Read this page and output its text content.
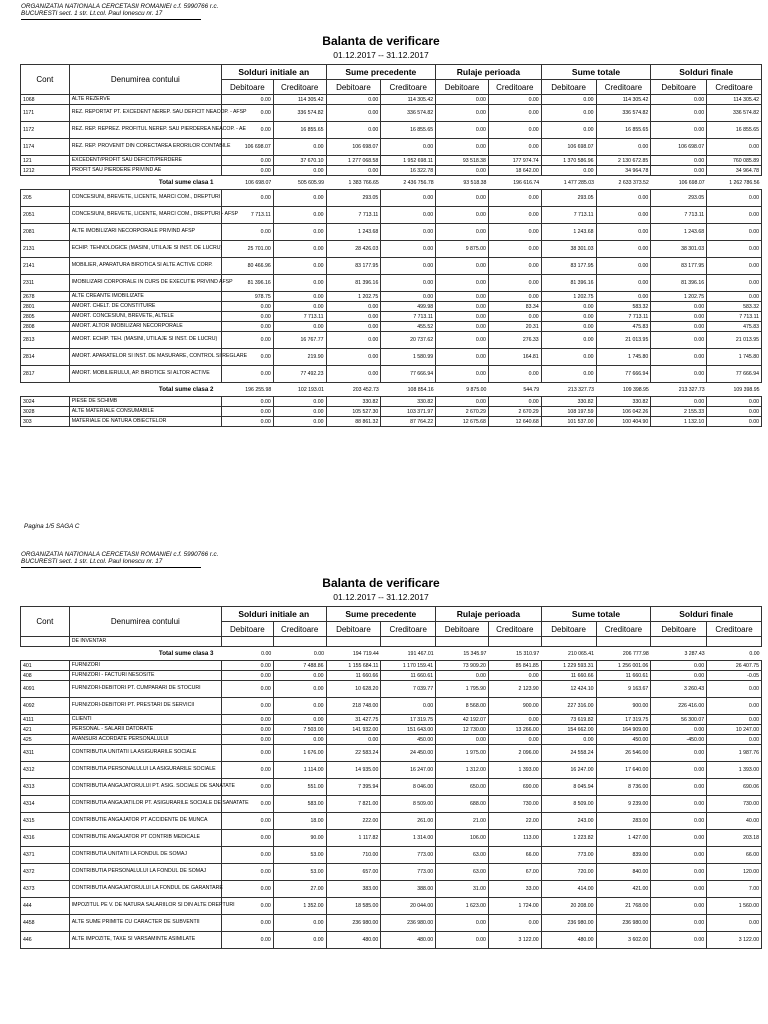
ORGANIZATIA NATIONALA CERCETASII ROMANIEI c.f. 5990766 r.c.
BUCURESTI sect. 1 str. Lt.col. Paul Ionescu nr. 17
Balanta de verificare
01.12.2017 -- 31.12.2017
Cont	Denumirea contului	Solduri initiale an		Sume precedente		Rulaje perioada		Sume totale		Solduri finale	
		Debitoare	Creditoare	Debitoare	Creditoare	Debitoare	Creditoare	Debitoare	Creditoare	Debitoare	Creditoare
1068	ALTE REZERVE	0.00	114 305.42	0.00	114 305.42	0.00	0.00	0.00	114 305.42	0.00	114 305.42
1171	REZ. REPORTAT PT. EXCEDENT NEREP. SAU DEFICIT NEACOP. - AFSP	0.00	336 574.82	0.00	336 574.82	0.00	0.00	0.00	336 574.82	0.00	336 574.82
1172	REZ. REP. REPREZ. PROFITUL NEREP. SAU PIERDEREA NEACOP. - AE	0.00	16 855.65	0.00	16 855.65	0.00	0.00	0.00	16 855.65	0.00	16 855.65
1174	REZ. REP. PROVENIT DIN CORECTAREA ERORILOR CONTABILE	106 698.07	0.00	106 698.07	0.00	0.00	0.00	106 698.07	0.00	106 698.07	0.00
121	EXCEDENT/PROFIT SAU DEFICIT/PIERDERE	0.00	37 670.10	1 277 068.58	1 952 698.11	93 518.38	177 974.74	1 370 586.96	2 130 672.85	0.00	760 085.89
1212	PROFIT SAU PIERDERE PRIVIND AE	0.00	0.00	0.00	16 322.78	0.00	18 642.00	0.00	34 964.78	0.00	34 964.78
Total sume clasa 1		106 698.07	505 605.99	1 383 766.65	2 436 756.78	93 518.38	196 616.74	1 477 285.03	2 633 373.52	106 698.07	1 262 786.56
205	CONCESIUNI, BREVETE, LICENTE, MARCI COM., DREPTURI	0.00	0.00	293.05	0.00	0.00	0.00	293.05	0.00	293.05	0.00
2051	CONCESIUNI, BREVETE, LICENTE, MARCI COM., DREPTURI - AFSP	7 713.11	0.00	7 713.11	0.00	0.00	0.00	7 713.11	0.00	7 713.11	0.00
2081	ALTE IMOBILIZARI NECORPORALE PRIVIND AFSP	0.00	0.00	1 243.68	0.00	0.00	0.00	1 243.68	0.00	1 243.68	0.00
2131	ECHIP. TEHNOLOGICE (MASINI, UTILAJE SI INST. DE LUCRU)	25 701.00	0.00	28 426.03	0.00	9 875.00	0.00	38 301.03	0.00	38 301.03	0.00
2141	MOBILIER, APARATURA BIROTICA SI ALTE ACTIVE CORP.	80 466.96	0.00	83 177.95	0.00	0.00	0.00	83 177.95	0.00	83 177.95	0.00
2311	IMOBILIZARI CORPORALE IN CURS DE EXECUTIE PRIVIND AFSP	81 396.16	0.00	81 396.16	0.00	0.00	0.00	81 396.16	0.00	81 396.16	0.00
2678	ALTE CREANTE IMOBILIZATE	978.75	0.00	1 202.75	0.00	0.00	0.00	1 202.75	0.00	1 202.75	0.00
2801	AMORT. CHELT. DE CONSTITUIRE	0.00	0.00	0.00	499.98	0.00	83.34	0.00	583.32	0.00	583.32
2805	AMORT. CONCESIUNI, BREVETE, ALTELE	0.00	7 713.11	0.00	7 713.11	0.00	0.00	0.00	7 713.11	0.00	7 713.11
2808	AMORT. ALTOR IMOBILIZARI NECORPORALE	0.00	0.00	0.00	455.52	0.00	20.31	0.00	475.83	0.00	475.83
2813	AMORT. ECHIP. TEH. (MASINI, UTILAJE SI INST. DE LUCRU)	0.00	16 767.77	0.00	20 737.62	0.00	276.33	0.00	21 013.95	0.00	21 013.95
2814	AMORT. APARATELOR SI INST. DE MASURARE, CONTROL SI REGLARE	0.00	219.90	0.00	1 580.99	0.00	164.81	0.00	1 745.80	0.00	1 745.80
2817	AMORT. MOBILIERULUI, AP. BIROTICE SI ALTOR ACTIVE	0.00	77 492.23	0.00	77 666.94	0.00	0.00	0.00	77 666.94	0.00	77 666.94
Total sume clasa 2		196 255.98	102 193.01	203 452.73	108 854.16	9 875.00	544.79	213 327.73	109 398.95	213 327.73	109 398.95
3024	PIESE DE SCHIMB	0.00	0.00	330.82	330.82	0.00	0.00	330.82	330.82	0.00	0.00
3028	ALTE MATERIALE CONSUMABILE	0.00	0.00	105 527.30	103 371.97	2 670.29	2 670.29	108 197.59	106 042.26	2 155.33	0.00
303	MATERIALE DE NATURA OBIECTELOR	0.00	0.00	88 861.32	87 764.22	12 675.68	12 640.68	101 537.00	100 404.90	1 132.10	0.00
Pagina 1/5 SAGA C
ORGANIZATIA NATIONALA CERCETASII ROMANIEI c.f. 5990766 r.c.
BUCURESTI sect. 1 str. Lt.col. Paul Ionescu nr. 17
Balanta de verificare
01.12.2017 -- 31.12.2017
Cont	Denumirea contului	Solduri initiale an		Sume precedente		Rulaje perioada		Sume totale		Solduri finale	
		Debitoare	Creditoare	Debitoare	Creditoare	Debitoare	Creditoare	Debitoare	Creditoare	Debitoare	Creditoare
	DE INVENTAR										
Total sume clasa 3		0.00	0.00	194 719.44	191 467.01	15 345.97	15 310.97	210 065.41	206 777.98	3 287.43	0.00
401	FURNIZORI	0.00	7 488.86	1 155 684.11	1 170 159.41	73 909.20	85 841.85	1 229 593.31	1 256 001.06	0.00	26 407.75
408	FURNIZORI - FACTURI NESOSITE	0.00	0.00	11 660.66	11 660.61	0.00	0.00	11 660.66	11 660.61	0.00	-0.05
4091	FURNIZORI-DEBITORI PT. CUMPARARI DE STOCURI	0.00	0.00	10 628.20	7 039.77	1 795.90	2 123.90	12 424.10	9 163.67	3 260.43	0.00
4092	FURNIZORI-DEBITORI PT. PRESTARI DE SERVICII	0.00	0.00	218 748.00	0.00	8 568.00	900.00	227 316.00	900.00	226 416.00	0.00
4111	CLIENTI	0.00	0.00	31 427.75	17 319.75	42 192.07	0.00	73 619.82	17 319.75	56 300.07	0.00
421	PERSONAL - SALARII DATORATE	0.00	7 503.00	141 932.00	151 643.00	12 730.00	13 266.00	154 662.00	164 909.00	0.00	10 247.00
425	AVANSURI ACORDATE PERSONALULUI	0.00	0.00	0.00	450.00	0.00	0.00	0.00	450.00	-450.00	0.00
4311	CONTRIBUTIA UNITATII LA ASIGURARILE SOCIALE	0.00	1 676.00	22 583.24	24 450.00	1 975.00	2 096.00	24 558.24	26 546.00	0.00	1 987.76
4312	CONTRIBUTIA PERSONALULUI LA ASIGURARILE SOCIALE	0.00	1 114.00	14 935.00	16 247.00	1 312.00	1 393.00	16 247.00	17 640.00	0.00	1 393.00
4313	CONTRIBUTIA ANGAJATORULUI PT. ASIG. SOCIALE DE SANATATE	0.00	551.00	7 395.94	8 046.00	650.00	690.00	8 045.94	8 736.00	0.00	690.06
4314	CONTRIBUTIA ANGAJATILOR PT. ASIGURARILE SOCIALE DE SANATATE	0.00	583.00	7 821.00	8 509.00	688.00	730.00	8 509.00	9 239.00	0.00	730.00
4315	CONTRIBUTIE ANGAJATOR PT ACCIDENTE DE MUNCA	0.00	18.00	222.00	261.00	21.00	22.00	243.00	283.00	0.00	40.00
4316	CONTRIBUTIE ANGAJATOR PT CONTRIB MEDICALE	0.00	90.00	1 117.82	1 314.00	106.00	113.00	1 223.82	1 427.00	0.00	203.18
4371	CONTRIBUTIA UNITATII LA FONDUL DE SOMAJ	0.00	53.00	710.00	773.00	63.00	66.00	773.00	839.00	0.00	66.00
4372	CONTRIBUTIA PERSONALULUI LA FONDUL DE SOMAJ	0.00	53.00	657.00	773.00	63.00	67.00	720.00	840.00	0.00	120.00
4373	CONTRIBUTIA ANGAJATORULUI LA FONDUL DE GARANTARE	0.00	27.00	383.00	388.00	31.00	33.00	414.00	421.00	0.00	7.00
444	IMPOZITUL PE V. DE NATURA SALARIILOR SI DIN ALTE DREPTURI	0.00	1 352.00	18 585.00	20 044.00	1 623.00	1 724.00	20 208.00	21 768.00	0.00	1 560.00
4458	ALTE SUME PRIMITE CU CARACTER DE SUBVENTII	0.00	0.00	236 980.00	236 980.00	0.00	0.00	236 980.00	236 980.00	0.00	0.00
446	ALTE IMPOZITE, TAXE SI VARSAMINTE ASIMILATE	0.00	0.00	480.00	480.00	0.00	3 122.00	480.00	3 602.00	0.00	3 122.00
